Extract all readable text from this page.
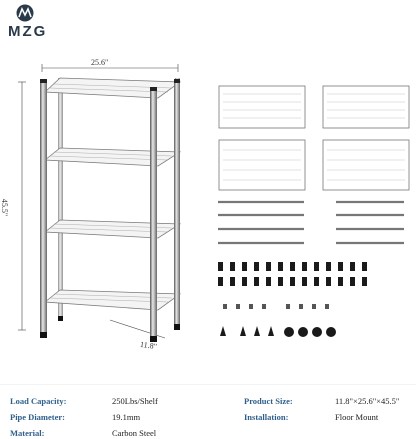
MZG
25.6"
45.5"
11.8"
Load Capacity:	250Lbs/Shelf	Product Size:	11.8"×25.6"×45.5"
Pipe Diameter:	19.1mm	Installation:	Floor Mount
Material:	Carbon Steel
